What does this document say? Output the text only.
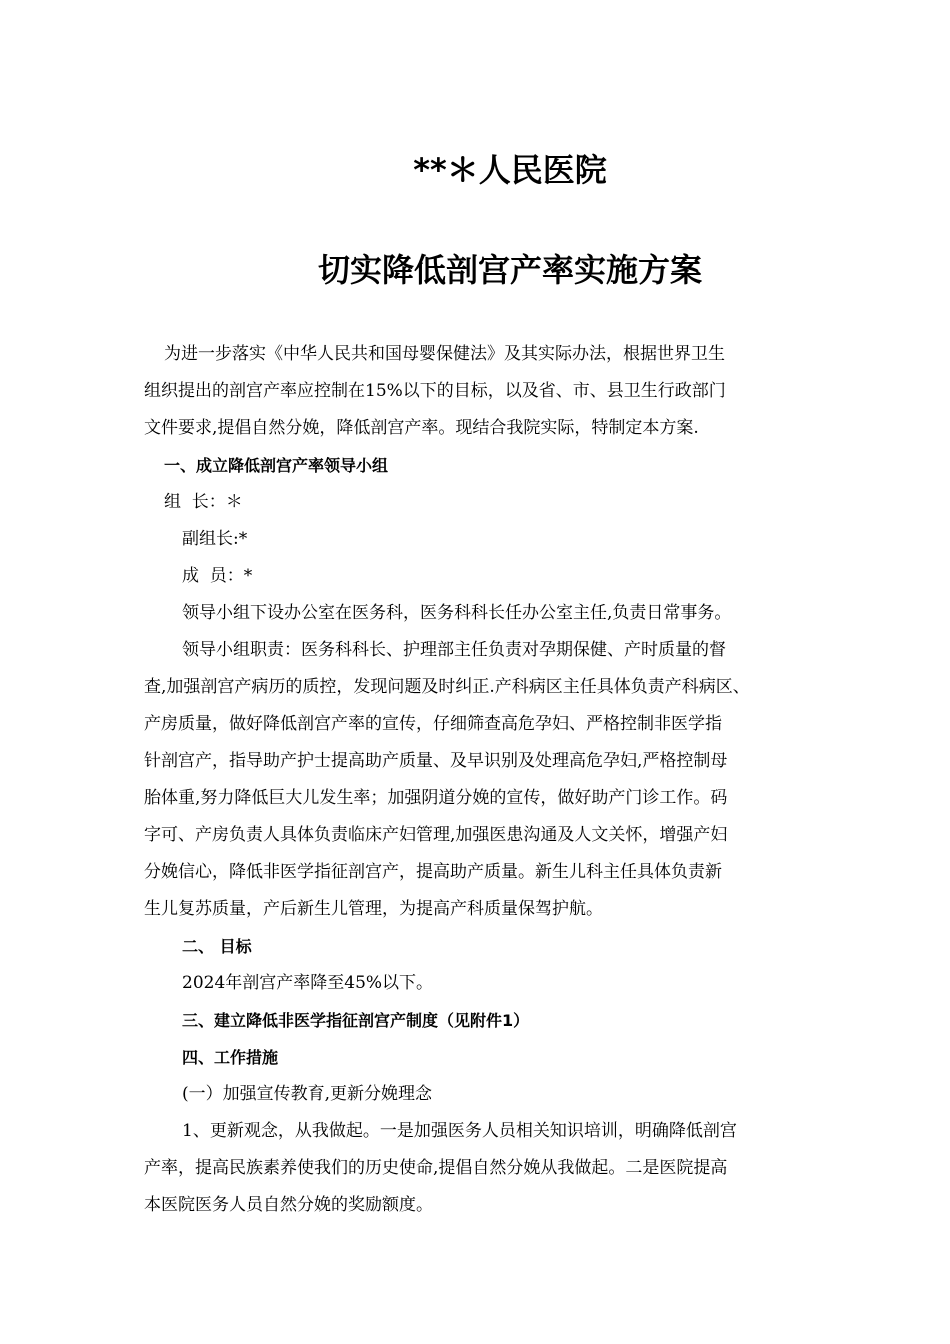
**＊人民医院
切实降低剖宫产率实施方案

为进一步落实《中华人民共和国母婴保健法》及其实际办法，根据世界卫生

组织提出的剖宫产率应控制在15%以下的目标，以及省、市、县卫生行政部门

文件要求,提倡自然分娩，降低剖宫产率。现结合我院实际，特制定本方案.

一、成立降低剖宫产率领导小组

组  长：＊

副组长:*

成  员：*

领导小组下设办公室在医务科，医务科科长任办公室主任,负责日常事务。

领导小组职责：医务科科长、护理部主任负责对孕期保健、产时质量的督

查,加强剖宫产病历的质控，发现问题及时纠正.产科病区主任具体负责产科病区、

产房质量，做好降低剖宫产率的宣传，仔细筛查高危孕妇、严格控制非医学指

针剖宫产，指导助产护士提高助产质量、及早识别及处理高危孕妇,严格控制母

胎体重,努力降低巨大儿发生率；加强阴道分娩的宣传，做好助产门诊工作。码

字可、产房负责人具体负责临床产妇管理,加强医患沟通及人文关怀，增强产妇

分娩信心，降低非医学指征剖宫产，提高助产质量。新生儿科主任具体负责新

生儿复苏质量，产后新生儿管理，为提高产科质量保驾护航。

二、 目标

2024年剖宫产率降至45%以下。

三、建立降低非医学指征剖宫产制度（见附件1）

四、工作措施

(一）加强宣传教育,更新分娩理念

1、更新观念，从我做起。一是加强医务人员相关知识培训，明确降低剖宫

产率，提高民族素养使我们的历史使命,提倡自然分娩从我做起。二是医院提高

本医院医务人员自然分娩的奖励额度。
